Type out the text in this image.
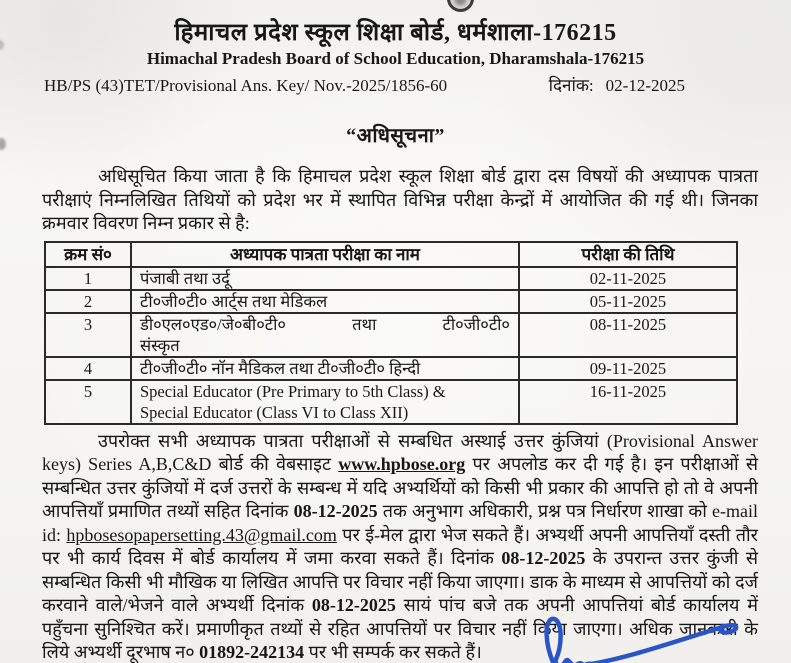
हिमाचल प्रदेश स्कूल शिक्षा बोर्ड, धर्मशाला-176215
Himachal Pradesh Board of School Education, Dharamshala-176215
HB/PS (43)TET/Provisional Ans. Key/ Nov.-2025/1856-60	दिनांक: 02-12-2025
“अधिसूचना”

अधिसूचित किया जाता है कि हिमाचल प्रदेश स्कूल शिक्षा बोर्ड द्वारा दस विषयों की अध्यापक पात्रता परीक्षाएं निम्नलिखित तिथियों को प्रदेश भर में स्थापित विभिन्न परीक्षा केन्द्रों में आयोजित की गई थी। जिनका क्रमवार विवरण निम्न प्रकार से है:

क्रम सं०	अध्यापक पात्रता परीक्षा का नाम	परीक्षा की तिथि
1	पंजाबी तथा उर्दू	02-11-2025
2	टी०जी०टी० आर्ट्स तथा मेडिकल	05-11-2025
3	डी०एल०एड०/जे०बी०टी० तथा टी०जी०टी०
संस्कृत	08-11-2025
4	टी०जी०टी० नॉन मैडिकल तथा टी०जी०टी० हिन्दी	09-11-2025
5	Special Educator (Pre Primary to 5th Class) &
Special Educator (Class VI to Class XII)	16-11-2025

उपरोक्त सभी अध्यापक पात्रता परीक्षाओं से सम्बधित अस्थाई उत्तर कुंजियां (Provisional Answer keys) Series A,B,C&D बोर्ड की वेबसाइट www.hpbose.org पर अपलोड कर दी गई है। इन परीक्षाओं से सम्बन्धित उत्तर कुंजियों में दर्ज उत्तरों के सम्बन्ध में यदि अभ्यर्थियों को किसी भी प्रकार की आपत्ति हो तो वे अपनी आपत्तियाँ प्रमाणित तथ्यों सहित दिनांक 08-12-2025 तक अनुभाग अधिकारी, प्रश्न पत्र निर्धारण शाखा को e-mail id: hpbosesopapersetting.43@gmail.com पर ई-मेल द्वारा भेज सकते हैं। अभ्यर्थी अपनी आपत्तियाँ दस्ती तौर पर भी कार्य दिवस में बोर्ड कार्यालय में जमा करवा सकते हैं। दिनांक 08-12-2025 के उपरान्त उत्तर कुंजी से सम्बन्धित किसी भी मौखिक या लिखित आपत्ति पर विचार नहीं किया जाएगा। डाक के माध्यम से आपत्तियों को दर्ज करवाने वाले/भेजने वाले अभ्यर्थी दिनांक 08-12-2025 सायं पांच बजे तक अपनी आपत्तियां बोर्ड कार्यालय में पहुँचना सुनिश्चित करें। प्रमाणीकृत तथ्यों से रहित आपत्तियों पर विचार नहीं किया जाएगा। अधिक जानकारी के लिये अभ्यर्थी दूरभाष न० 01892-242134 पर भी सम्पर्क कर सकते हैं।
